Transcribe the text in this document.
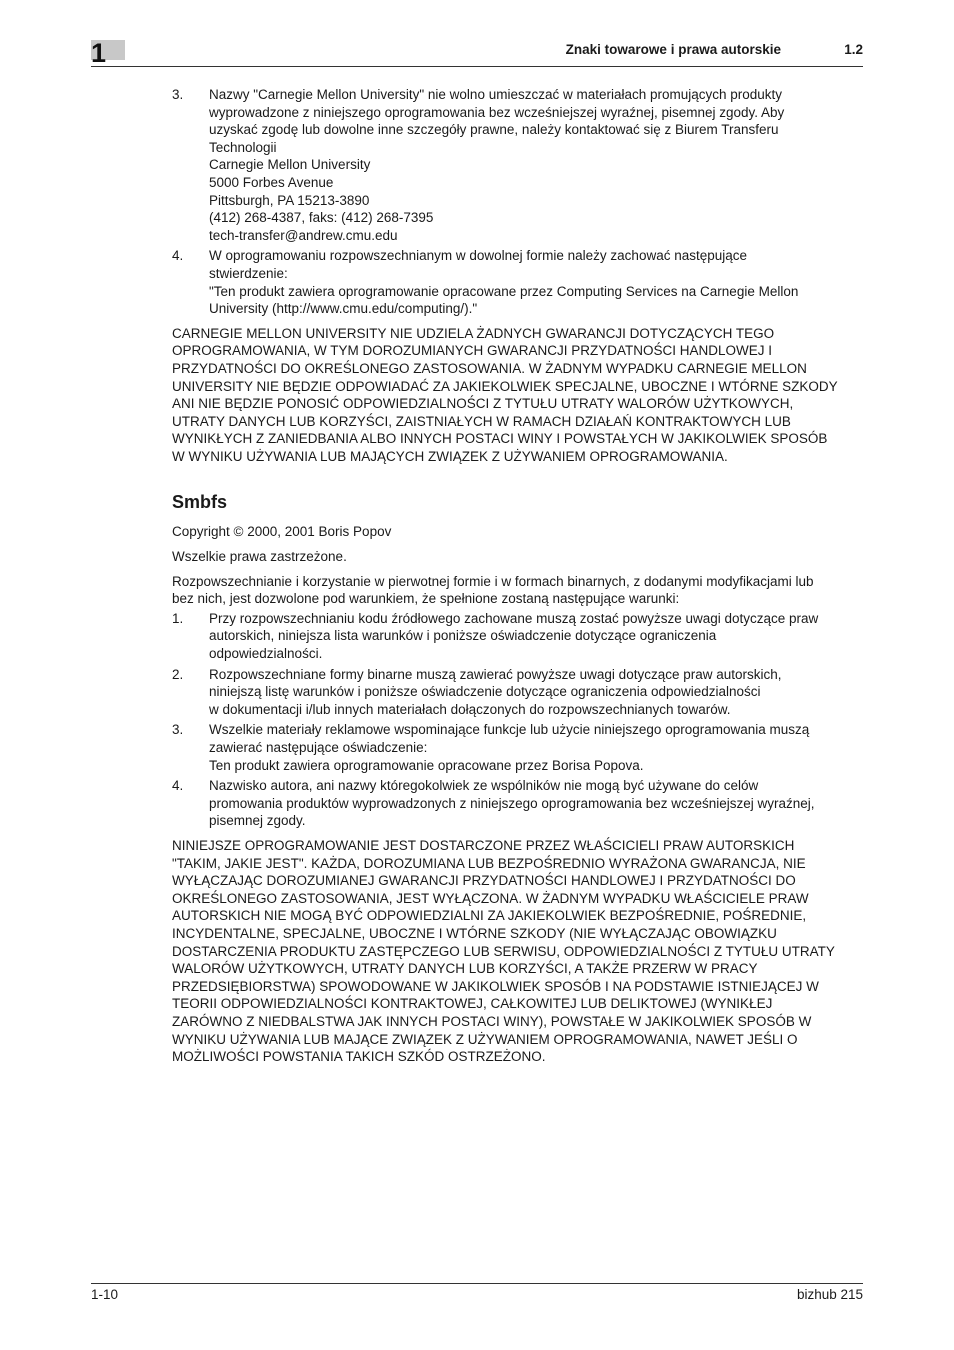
1	Znaki towarowe i prawa autorskie	1.2
3. Nazwy "Carnegie Mellon University" nie wolno umieszczać w materiałach promujących produkty
wyprowadzone z niniejszego oprogramowania bez wcześniejszej wyraźnej, pisemnej zgody. Aby
uzyskać zgodę lub dowolne inne szczegóły prawne, należy kontaktować się z Biurem Transferu
Technologii
Carnegie Mellon University
5000 Forbes Avenue
Pittsburgh, PA 15213-3890
(412) 268-4387, faks: (412) 268-7395
tech-transfer@andrew.cmu.edu
4. W oprogramowaniu rozpowszechnianym w dowolnej formie należy zachować następujące
stwierdzenie:
"Ten produkt zawiera oprogramowanie opracowane przez Computing Services na Carnegie Mellon
University (http://www.cmu.edu/computing/)."

CARNEGIE MELLON UNIVERSITY NIE UDZIELA ŻADNYCH GWARANCJI DOTYCZĄCYCH TEGO
OPROGRAMOWANIA, W TYM DOROZUMIANYCH GWARANCJI PRZYDATNOŚCI HANDLOWEJ I
PRZYDATNOŚCI DO OKREŚLONEGO ZASTOSOWANIA. W ŻADNYM WYPADKU CARNEGIE MELLON
UNIVERSITY NIE BĘDZIE ODPOWIADAĆ ZA JAKIEKOLWIEK SPECJALNE, UBOCZNE I WTÓRNE SZKODY
ANI NIE BĘDZIE PONOSIĆ ODPOWIEDZIALNOŚCI Z TYTUŁU UTRATY WALORÓW UŻYTKOWYCH,
UTRATY DANYCH LUB KORZYŚCI, ZAISTNIAŁYCH W RAMACH DZIAŁAŃ KONTRAKTOWYCH LUB
WYNIKŁYCH Z ZANIEDBANIA ALBO INNYCH POSTACI WINY I POWSTAŁYCH W JAKIKOLWIEK SPOSÓB
W WYNIKU UŻYWANIA LUB MAJĄCYCH ZWIĄZEK Z UŻYWANIEM OPROGRAMOWANIA.

Smbfs

Copyright © 2000, 2001 Boris Popov

Wszelkie prawa zastrzeżone.

Rozpowszechnianie i korzystanie w pierwotnej formie i w formach binarnych, z dodanymi modyfikacjami lub
bez nich, jest dozwolone pod warunkiem, że spełnione zostaną następujące warunki:

1. Przy rozpowszechnianiu kodu źródłowego zachowane muszą zostać powyższe uwagi dotyczące praw
autorskich, niniejsza lista warunków i poniższe oświadczenie dotyczące ograniczenia
odpowiedzialności.
2. Rozpowszechniane formy binarne muszą zawierać powyższe uwagi dotyczące praw autorskich,
niniejszą listę warunków i poniższe oświadczenie dotyczące ograniczenia odpowiedzialności
w dokumentacji i/lub innych materiałach dołączonych do rozpowszechnianych towarów.
3. Wszelkie materiały reklamowe wspominające funkcje lub użycie niniejszego oprogramowania muszą
zawierać następujące oświadczenie:
Ten produkt zawiera oprogramowanie opracowane przez Borisa Popova.
4. Nazwisko autora, ani nazwy któregokolwiek ze wspólników nie mogą być używane do celów
promowania produktów wyprowadzonych z niniejszego oprogramowania bez wcześniejszej wyraźnej,
pisemnej zgody.

NINIEJSZE OPROGRAMOWANIE JEST DOSTARCZONE PRZEZ WŁAŚCICIELI PRAW AUTORSKICH
"TAKIM, JAKIE JEST". KAŻDA, DOROZUMIANA LUB BEZPOŚREDNIO WYRAŻONA GWARANCJA, NIE
WYŁĄCZAJĄC DOROZUMIANEJ GWARANCJI PRZYDATNOŚCI HANDLOWEJ I PRZYDATNOŚCI DO
OKREŚLONEGO ZASTOSOWANIA, JEST WYŁĄCZONA. W ŻADNYM WYPADKU WŁAŚCICIELE PRAW
AUTORSKICH NIE MOGĄ BYĆ ODPOWIEDZIALNI ZA JAKIEKOLWIEK BEZPOŚREDNIE, POŚREDNIE,
INCYDENTALNE, SPECJALNE, UBOCZNE I WTÓRNE SZKODY (NIE WYŁĄCZAJĄC OBOWIĄZKU
DOSTARCZENIA PRODUKTU ZASTĘPCZEGO LUB SERWISU, ODPOWIEDZIALNOŚCI Z TYTUŁU UTRATY
WALORÓW UŻYTKOWYCH, UTRATY DANYCH LUB KORZYŚCI, A TAKŻE PRZERW W PRACY
PRZEDSIĘBIORSTWA) SPOWODOWANE W JAKIKOLWIEK SPOSÓB I NA PODSTAWIE ISTNIEJĄCEJ W
TEORII ODPOWIEDZIALNOŚCI KONTRAKTOWEJ, CAŁKOWITEJ LUB DELIKTOWEJ (WYNIKŁEJ
ZARÓWNO Z NIEDBALSTWA JAK INNYCH POSTACI WINY), POWSTAŁE W JAKIKOLWIEK SPOSÓB W
WYNIKU UŻYWANIA LUB MAJĄCE ZWIĄZEK Z UŻYWANIEM OPROGRAMOWANIA, NAWET JEŚLI O
MOŻLIWOŚCI POWSTANIA TAKICH SZKÓD OSTRZEŻONO.

1-10	bizhub 215
